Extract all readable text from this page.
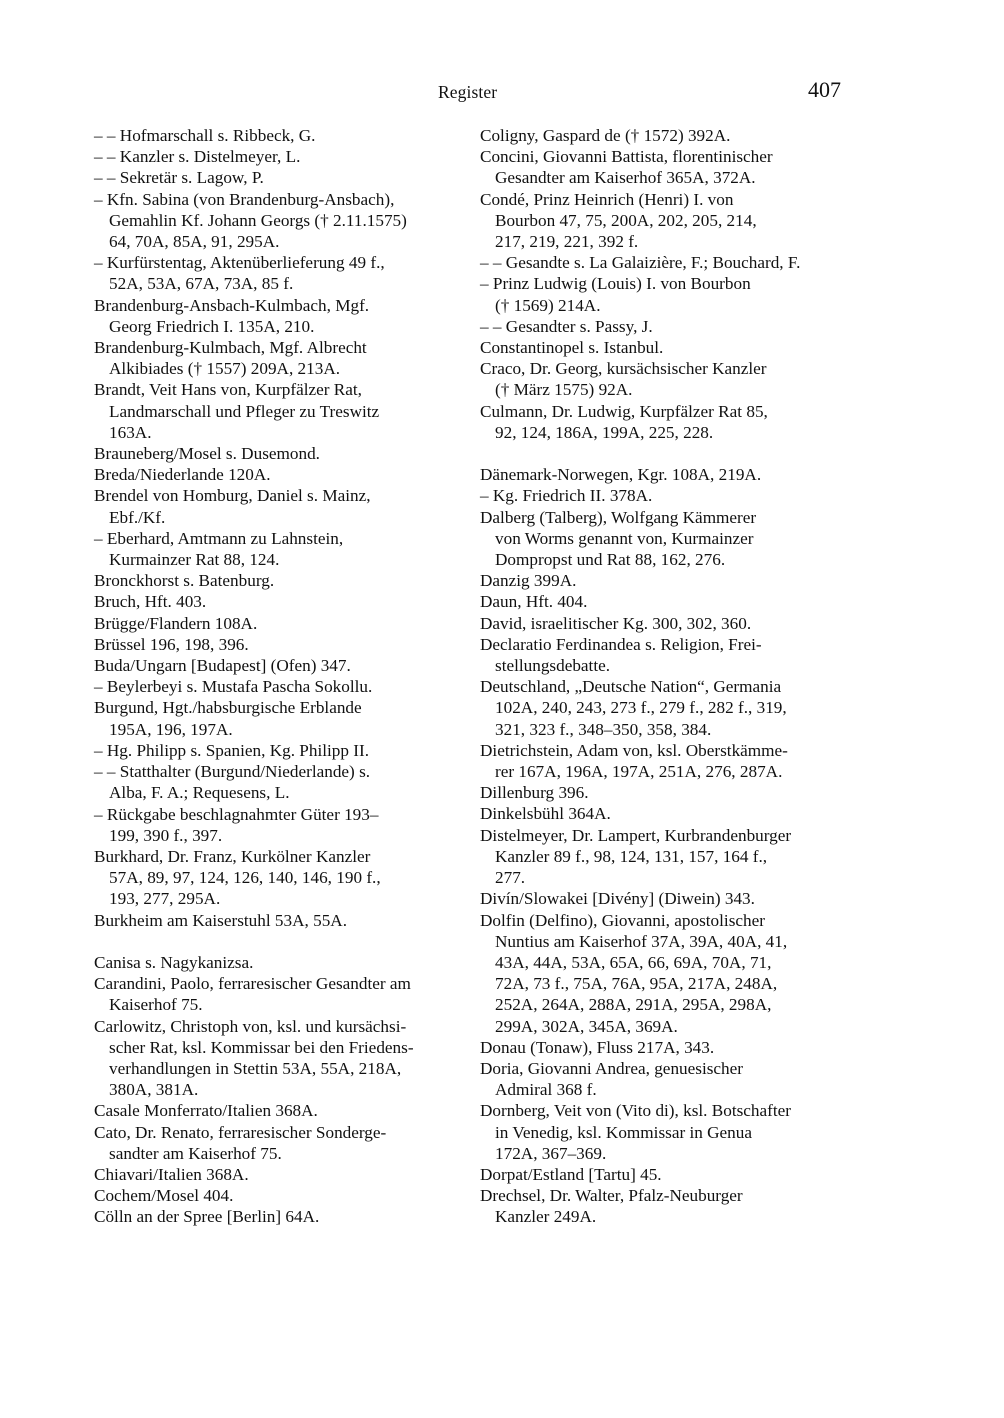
Register	407
– – Hofmarschall s. Ribbeck, G.
– – Kanzler s. Distelmeyer, L.
– – Sekretär s. Lagow, P.
– Kfn. Sabina (von Brandenburg-Ansbach),
Gemahlin Kf. Johann Georgs († 2.11.1575)
64, 70A, 85A, 91, 295A.
– Kurfürstentag, Aktenüberlieferung 49 f.,
52A, 53A, 67A, 73A, 85 f.
Brandenburg-Ansbach-Kulmbach, Mgf.
Georg Friedrich I. 135A, 210.
Brandenburg-Kulmbach, Mgf. Albrecht
Alkibiades († 1557) 209A, 213A.
Brandt, Veit Hans von, Kurpfälzer Rat,
Landmarschall und Pfleger zu Treswitz
163A.
Brauneberg/Mosel s. Dusemond.
Breda/Niederlande 120A.
Brendel von Homburg, Daniel s. Mainz,
Ebf./Kf.
– Eberhard, Amtmann zu Lahnstein,
Kurmainzer Rat 88, 124.
Bronckhorst s. Batenburg.
Bruch, Hft. 403.
Brügge/Flandern 108A.
Brüssel 196, 198, 396.
Buda/Ungarn [Budapest] (Ofen) 347.
– Beylerbeyi s. Mustafa Pascha Sokollu.
Burgund, Hgt./habsburgische Erblande
195A, 196, 197A.
– Hg. Philipp s. Spanien, Kg. Philipp II.
– – Statthalter (Burgund/Niederlande) s.
Alba, F. A.; Requesens, L.
– Rückgabe beschlagnahmter Güter 193–
199, 390 f., 397.
Burkhard, Dr. Franz, Kurkölner Kanzler
57A, 89, 97, 124, 126, 140, 146, 190 f.,
193, 277, 295A.
Burkheim am Kaiserstuhl 53A, 55A.
Canisa s. Nagykanizsa.
Carandini, Paolo, ferraresischer Gesandter am
Kaiserhof 75.
Carlowitz, Christoph von, ksl. und kursächsi-
scher Rat, ksl. Kommissar bei den Friedens-
verhandlungen in Stettin 53A, 55A, 218A,
380A, 381A.
Casale Monferrato/Italien 368A.
Cato, Dr. Renato, ferraresischer Sonderge-
sandter am Kaiserhof 75.
Chiavari/Italien 368A.
Cochem/Mosel 404.
Cölln an der Spree [Berlin] 64A.
Coligny, Gaspard de († 1572) 392A.
Concini, Giovanni Battista, florentinischer
Gesandter am Kaiserhof 365A, 372A.
Condé, Prinz Heinrich (Henri) I. von
Bourbon 47, 75, 200A, 202, 205, 214,
217, 219, 221, 392 f.
– – Gesandte s. La Galaizière, F.; Bouchard, F.
– Prinz Ludwig (Louis) I. von Bourbon
(† 1569) 214A.
– – Gesandter s. Passy, J.
Constantinopel s. Istanbul.
Craco, Dr. Georg, kursächsischer Kanzler
(† März 1575) 92A.
Culmann, Dr. Ludwig, Kurpfälzer Rat 85,
92, 124, 186A, 199A, 225, 228.
Dänemark-Norwegen, Kgr. 108A, 219A.
– Kg. Friedrich II. 378A.
Dalberg (Talberg), Wolfgang Kämmerer
von Worms genannt von, Kurmainzer
Dompropst und Rat 88, 162, 276.
Danzig 399A.
Daun, Hft. 404.
David, israelitischer Kg. 300, 302, 360.
Declaratio Ferdinandea s. Religion, Frei-
stellungsdebatte.
Deutschland, „Deutsche Nation“, Germania
102A, 240, 243, 273 f., 279 f., 282 f., 319,
321, 323 f., 348–350, 358, 384.
Dietrichstein, Adam von, ksl. Oberstkämme-
rer 167A, 196A, 197A, 251A, 276, 287A.
Dillenburg 396.
Dinkelsbühl 364A.
Distelmeyer, Dr. Lampert, Kurbrandenburger
Kanzler 89 f., 98, 124, 131, 157, 164 f.,
277.
Divín/Slowakei [Divény] (Diwein) 343.
Dolfin (Delfino), Giovanni, apostolischer
Nuntius am Kaiserhof 37A, 39A, 40A, 41,
43A, 44A, 53A, 65A, 66, 69A, 70A, 71,
72A, 73 f., 75A, 76A, 95A, 217A, 248A,
252A, 264A, 288A, 291A, 295A, 298A,
299A, 302A, 345A, 369A.
Donau (Tonaw), Fluss 217A, 343.
Doria, Giovanni Andrea, genuesischer
Admiral 368 f.
Dornberg, Veit von (Vito di), ksl. Botschafter
in Venedig, ksl. Kommissar in Genua
172A, 367–369.
Dorpat/Estland [Tartu] 45.
Drechsel, Dr. Walter, Pfalz-Neuburger
Kanzler 249A.
